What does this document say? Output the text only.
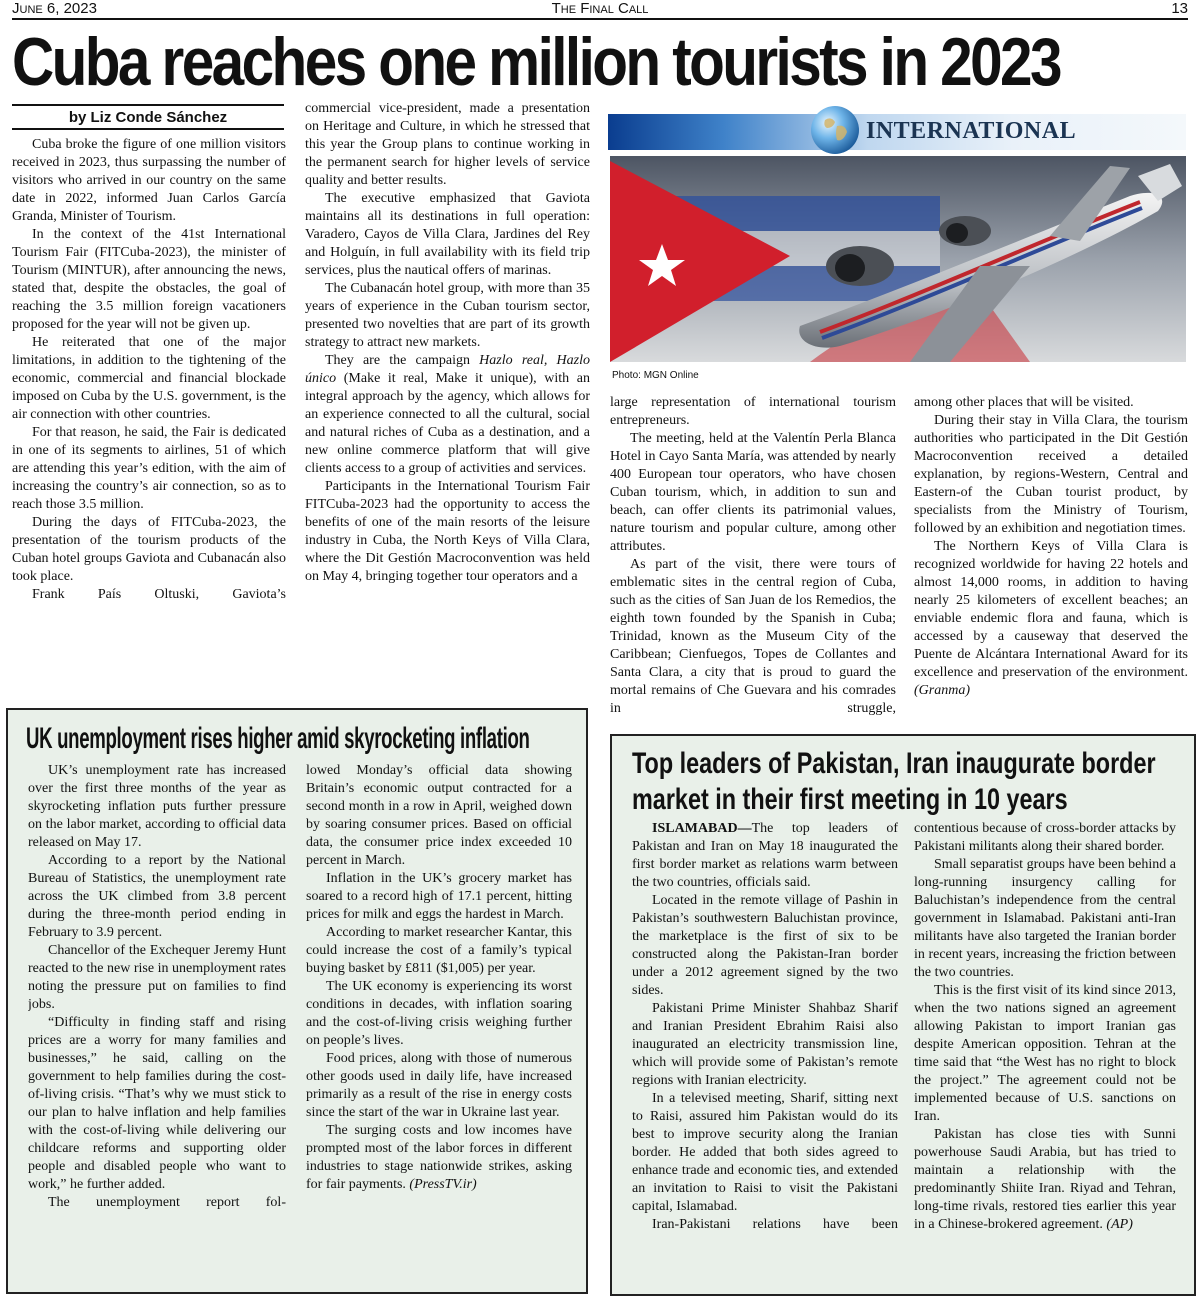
June 6, 2023	The Final Call	13
Cuba reaches one million tourists in 2023
by Liz Conde Sánchez

Cuba broke the figure of one million visitors received in 2023, thus surpassing the number of visitors who arrived in our country on the same date in 2022, informed Juan Carlos García Granda, Minister of Tourism.

In the context of the 41st International Tourism Fair (FITCuba-2023), the minister of Tourism (MINTUR), after announcing the news, stated that, despite the obstacles, the goal of reaching the 3.5 million foreign vacationers proposed for the year will not be given up.

He reiterated that one of the major limitations, in addition to the tightening of the economic, commercial and financial blockade imposed on Cuba by the U.S. government, is the air connection with other countries.

For that reason, he said, the Fair is dedicated in one of its segments to airlines, 51 of which are attending this year’s edition, with the aim of increasing the country’s air connection, so as to reach those 3.5 million.

During the days of FITCuba-2023, the presentation of the tourism products of the Cuban hotel groups Gaviota and Cubanacán also took place.

Frank País Oltuski, Gaviota’s

commercial vice-president, made a presentation on Heritage and Culture, in which he stressed that this year the Group plans to continue working in the permanent search for higher levels of service quality and better results.

The executive emphasized that Gaviota maintains all its destinations in full operation: Varadero, Cayos de Villa Clara, Jardines del Rey and Holguín, in full availability with its field trip services, plus the nautical offers of marinas.

The Cubanacán hotel group, with more than 35 years of experience in the Cuban tourism sector, presented two novelties that are part of its growth strategy to attract new markets.

They are the campaign Hazlo real, Hazlo único (Make it real, Make it unique), with an integral approach by the agency, which allows for an experience connected to all the cultural, social and natural riches of Cuba as a destination, and a new online commerce platform that will give clients access to a group of activities and services.

Participants in the International Tourism Fair FITCuba-2023 had the opportunity to access the benefits of one of the main resorts of the leisure industry in Cuba, the North Keys of Villa Clara, where the Dit Gestión Macroconvention was held on May 4, bringing together tour operators and a

INTERNATIONAL
Photo: MGN Online

large representation of international tourism entrepreneurs.

The meeting, held at the Valentín Perla Blanca Hotel in Cayo Santa María, was attended by nearly 400 European tour operators, who have chosen Cuban tourism, which, in addition to sun and beach, can offer clients its patrimonial values, nature tourism and popular culture, among other attributes.

As part of the visit, there were tours of emblematic sites in the central region of Cuba, such as the cities of San Juan de los Remedios, the eighth town founded by the Spanish in Cuba; Trinidad, known as the Museum City of the Caribbean; Cienfuegos, Topes de Collantes and Santa Clara, a city that is proud to guard the mortal remains of Che Guevara and his comrades in struggle,

among other places that will be visited.

During their stay in Villa Clara, the tourism authorities who participated in the Dit Gestión Macroconvention received a detailed explanation, by regions-Western, Central and Eastern-of the Cuban tourist product, by specialists from the Ministry of Tourism, followed by an exhibition and negotiation times.

The Northern Keys of Villa Clara is recognized worldwide for having 22 hotels and almost 14,000 rooms, in addition to having nearly 25 kilometers of excellent beaches; an enviable endemic flora and fauna, which is accessed by a causeway that deserved the Puente de Alcántara International Award for its excellence and preservation of the environment. (Granma)

UK unemployment rises higher amid skyrocketing inflation

UK’s unemployment rate has increased over the first three months of the year as skyrocketing inflation puts further pressure on the labor market, according to official data released on May 17.

According to a report by the National Bureau of Statistics, the unemployment rate across the UK climbed from 3.8 percent during the three-month period ending in February to 3.9 percent.

Chancellor of the Exchequer Jeremy Hunt reacted to the new rise in unemployment rates noting the pressure put on families to find jobs.

“Difficulty in finding staff and rising prices are a worry for many families and businesses,” he said, calling on the government to help families during the cost-of-living crisis. “That’s why we must stick to our plan to halve inflation and help families with the cost-of-living while delivering our childcare reforms and supporting older people and disabled people who want to work,” he further added.

The unemployment report fol-

lowed Monday’s official data showing Britain’s economic output contracted for a second month in a row in April, weighed down by soaring consumer prices. Based on official data, the consumer price index exceeded 10 percent in March.

Inflation in the UK’s grocery market has soared to a record high of 17.1 percent, hitting prices for milk and eggs the hardest in March.

According to market researcher Kantar, this could increase the cost of a family’s typical buying basket by £811 ($1,005) per year.

The UK economy is experiencing its worst conditions in decades, with inflation soaring and the cost-of-living crisis weighing further on people’s lives.

Food prices, along with those of numerous other goods used in daily life, have increased primarily as a result of the rise in energy costs since the start of the war in Ukraine last year.

The surging costs and low incomes have prompted most of the labor forces in different industries to stage nationwide strikes, asking for fair payments. (PressTV.ir)

Top leaders of Pakistan, Iran inaugurate border
market in their first meeting in 10 years

ISLAMABAD—The top leaders of Pakistan and Iran on May 18 inaugurated the first border market as relations warm between the two countries, officials said.

Located in the remote village of Pashin in Pakistan’s southwestern Baluchistan province, the marketplace is the first of six to be constructed along the Pakistan-Iran border under a 2012 agreement signed by the two sides.

Pakistani Prime Minister Shahbaz Sharif and Iranian President Ebrahim Raisi also inaugurated an electricity transmission line, which will provide some of Pakistan’s remote regions with Iranian electricity.

In a televised meeting, Sharif, sitting next to Raisi, assured him Pakistan would do its best to improve security along the Iranian border. He added that both sides agreed to enhance trade and economic ties, and extended an invitation to Raisi to visit the Pakistani capital, Islamabad.

Iran-Pakistani relations have been

contentious because of cross-border attacks by Pakistani militants along their shared border.

Small separatist groups have been behind a long-running insurgency calling for Baluchistan’s independence from the central government in Islamabad. Pakistani anti-Iran militants have also targeted the Iranian border in recent years, increasing the friction between the two countries.

This is the first visit of its kind since 2013, when the two nations signed an agreement allowing Pakistan to import Iranian gas despite American opposition. Tehran at the time said that “the West has no right to block the project.” The agreement could not be implemented because of U.S. sanctions on Iran.

Pakistan has close ties with Sunni powerhouse Saudi Arabia, but has tried to maintain a relationship with the predominantly Shiite Iran. Riyad and Tehran, long-time rivals, restored ties earlier this year in a Chinese-brokered agreement. (AP)
